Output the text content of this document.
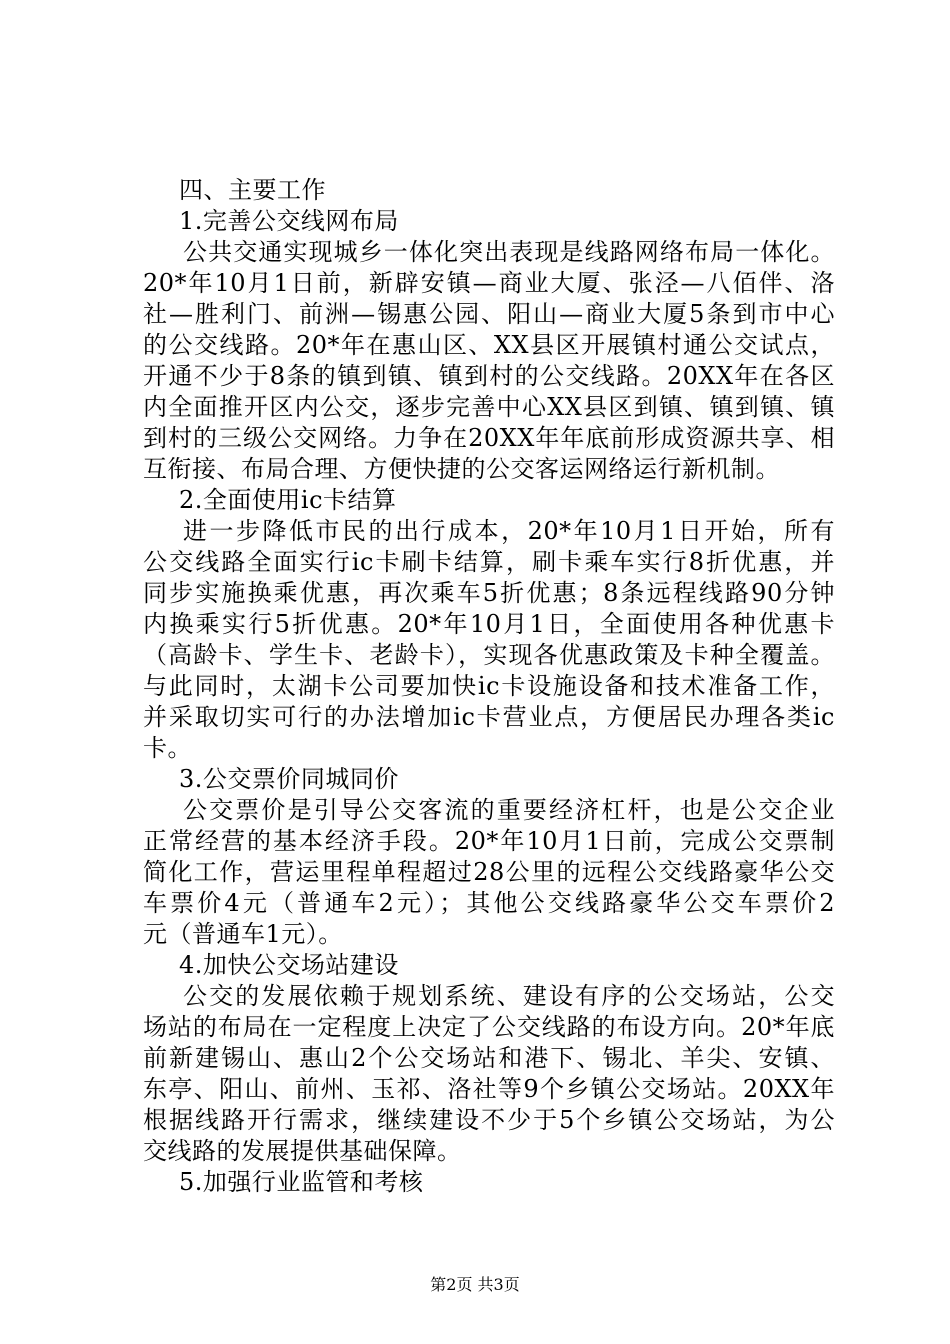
四、主要工作
1.完善公交线网布局
公共交通实现城乡一体化突出表现是线路网络布局一体化。
20*年10月1日前，新辟安镇—商业大厦、张泾—八佰伴、洛
社—胜利门、前洲—锡惠公园、阳山—商业大厦5条到市中心
的公交线路。20*年在惠山区、XX县区开展镇村通公交试点，
开通不少于8条的镇到镇、镇到村的公交线路。20XX年在各区
内全面推开区内公交，逐步完善中心XX县区到镇、镇到镇、镇
到村的三级公交网络。力争在20XX年年底前形成资源共享、相
互衔接、布局合理、方便快捷的公交客运网络运行新机制。
2.全面使用ic卡结算
进一步降低市民的出行成本，20*年10月1日开始，所有
公交线路全面实行ic卡刷卡结算，刷卡乘车实行8折优惠，并
同步实施换乘优惠，再次乘车5折优惠；8条远程线路90分钟
内换乘实行5折优惠。20*年10月1日，全面使用各种优惠卡
（高龄卡、学生卡、老龄卡），实现各优惠政策及卡种全覆盖。
与此同时，太湖卡公司要加快ic卡设施设备和技术准备工作，
并采取切实可行的办法增加ic卡营业点，方便居民办理各类ic
卡。
3.公交票价同城同价
公交票价是引导公交客流的重要经济杠杆，也是公交企业
正常经营的基本经济手段。20*年10月1日前，完成公交票制
简化工作，营运里程单程超过28公里的远程公交线路豪华公交
车票价4元（普通车2元）；其他公交线路豪华公交车票价2
元（普通车1元）。
4.加快公交场站建设
公交的发展依赖于规划系统、建设有序的公交场站，公交
场站的布局在一定程度上决定了公交线路的布设方向。20*年底
前新建锡山、惠山2个公交场站和港下、锡北、羊尖、安镇、
东亭、阳山、前州、玉祁、洛社等9个乡镇公交场站。20XX年
根据线路开行需求，继续建设不少于5个乡镇公交场站，为公
交线路的发展提供基础保障。
5.加强行业监管和考核
第2页 共3页
